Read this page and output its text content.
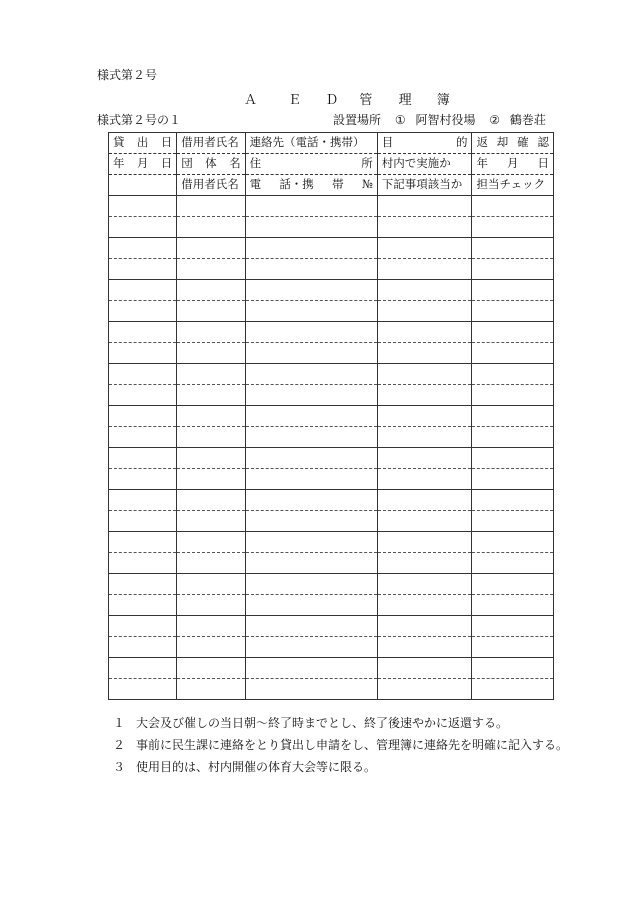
様式第２号
Ａ Ｅ Ｄ 管 理 簿
様式第２号の１	設置場所 ① 阿智村役場 ② 鶴巻荘
貸 出 日	借用者氏名	連絡先（電話・携帯）	目 的	返 却 確 認

年 月 日	団 体 名	住 所	村内で実施か	年 月 日

	借用者氏名	電 話・携 帯 №	下記事項該当か	担当チェック

１ 大会及び催しの当日朝～終了時までとし、終了後速やかに返還する。
２ 事前に民生課に連絡をとり貸出し申請をし、管理簿に連絡先を明確に記入する。
３ 使用目的は、村内開催の体育大会等に限る。
